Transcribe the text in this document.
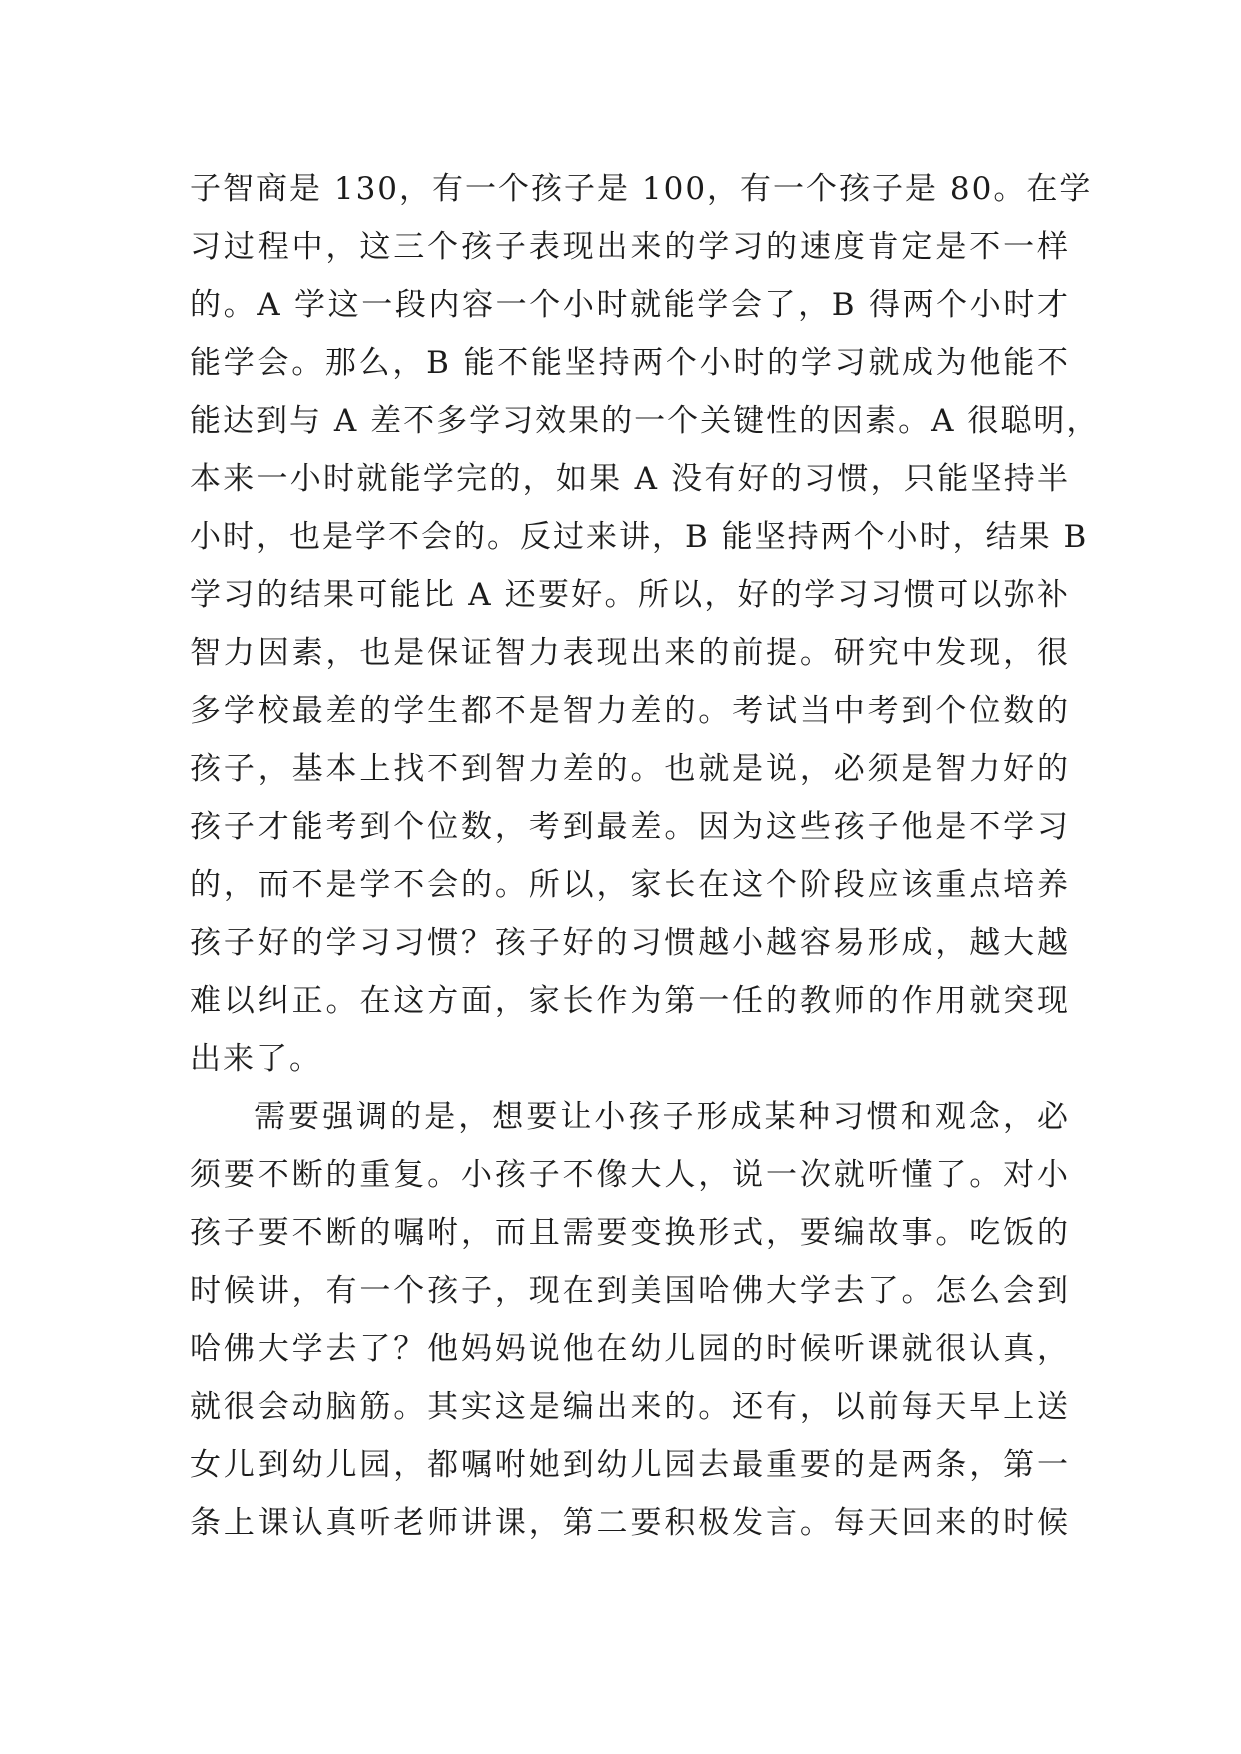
子智商是 130，有一个孩子是 100，有一个孩子是 80。在学
习过程中，这三个孩子表现出来的学习的速度肯定是不一样
的。A 学这一段内容一个小时就能学会了，B 得两个小时才
能学会。那么，B 能不能坚持两个小时的学习就成为他能不
能达到与 A 差不多学习效果的一个关键性的因素。A 很聪明，
本来一小时就能学完的，如果 A 没有好的习惯，只能坚持半
小时，也是学不会的。反过来讲，B 能坚持两个小时，结果 B
学习的结果可能比 A 还要好。所以，好的学习习惯可以弥补
智力因素，也是保证智力表现出来的前提。研究中发现，很
多学校最差的学生都不是智力差的。考试当中考到个位数的
孩子，基本上找不到智力差的。也就是说，必须是智力好的
孩子才能考到个位数，考到最差。因为这些孩子他是不学习
的，而不是学不会的。所以，家长在这个阶段应该重点培养
孩子好的学习习惯？孩子好的习惯越小越容易形成，越大越
难以纠正。在这方面，家长作为第一任的教师的作用就突现
出来了。
需要强调的是，想要让小孩子形成某种习惯和观念，必
须要不断的重复。小孩子不像大人，说一次就听懂了。对小
孩子要不断的嘱咐，而且需要变换形式，要编故事。吃饭的
时候讲，有一个孩子，现在到美国哈佛大学去了。怎么会到
哈佛大学去了？他妈妈说他在幼儿园的时候听课就很认真，
就很会动脑筋。其实这是编出来的。还有，以前每天早上送
女儿到幼儿园，都嘱咐她到幼儿园去最重要的是两条，第一
条上课认真听老师讲课，第二要积极发言。每天回来的时候
